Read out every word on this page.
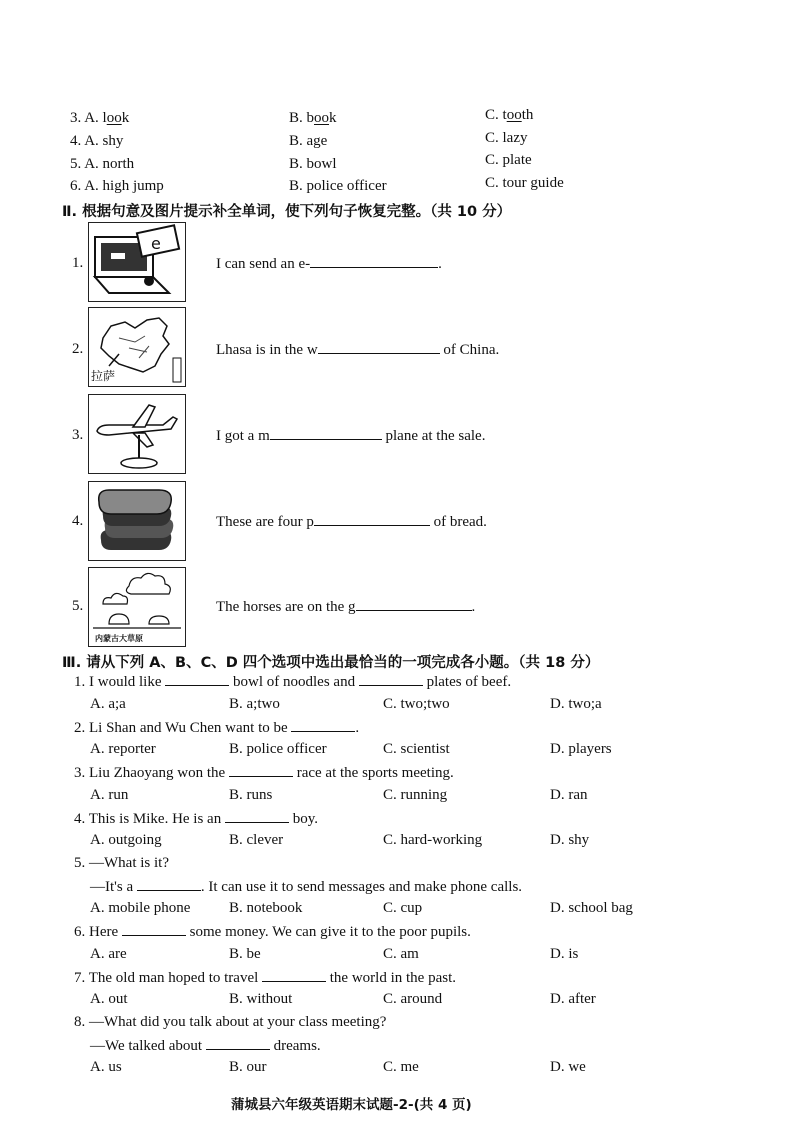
3. A. look	B. book	C. tooth
4. A. shy	B. age	C. lazy
5. A. north	B. bowl	C. plate
6. A. high jump	B. police officer	C. tour guide
Ⅱ. 根据句意及图片提示补全单词，使下列句子恢复完整。（共 10 分）
1.
e
I can send an e-	.
2.
拉萨
Lhasa is in the w	of China.
3.	I got a m	plane at the sale.
4.	These are four p	of bread.
5.
内蒙古大草原
The horses are on the g	.
Ⅲ. 请从下列 A、B、C、D 四个选项中选出最恰当的一项完成各小题。（共 18 分）
1. I would like	bowl of noodles and	plates of beef.
A. a;a	B. a;two	C. two;two	D. two;a
2. Li Shan and Wu Chen want to be	.
A. reporter	B. police officer	C. scientist	D. players
3. Liu Zhaoyang won the	race at the sports meeting.
A. run	B. runs	C. running	D. ran
4. This is Mike. He is an	boy.
A. outgoing	B. clever	C. hard-working	D. shy
5. —What is it?
—It's a	. It can use it to send messages and make phone calls.
A. mobile phone	B. notebook	C. cup	D. school bag
6. Here	some money. We can give it to the poor pupils.
A. are	B. be	C. am	D. is
7. The old man hoped to travel	the world in the past.
A. out	B. without	C. around	D. after
8. —What did you talk about at your class meeting?
—We talked about	dreams.
A. us	B. our	C. me	D. we
蒲城县六年级英语期末试题-2-(共 4 页)
